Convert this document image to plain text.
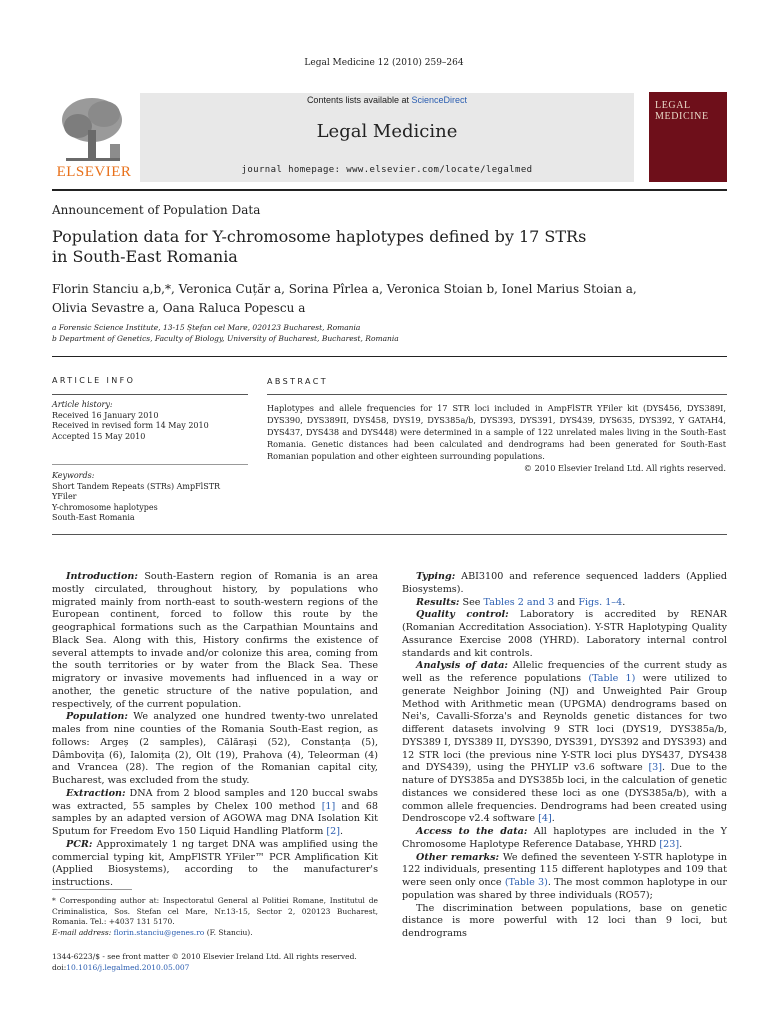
Legal Medicine 12 (2010) 259–264
ELSEVIER
Contents lists available at ScienceDirect
Legal Medicine
journal homepage: www.elsevier.com/locate/legalmed
LEGAL
MEDICINE
Announcement of Population Data
Population data for Y-chromosome haplotypes defined by 17 STRs
in South-East Romania
Florin Stanciu a,b,*, Veronica Cuțăr a, Sorina Pîrlea a, Veronica Stoian b, Ionel Marius Stoian a,
Olivia Sevastre a, Oana Raluca Popescu a
a Forensic Science Institute, 13-15 Ștefan cel Mare, 020123 Bucharest, Romania
b Department of Genetics, Faculty of Biology, University of Bucharest, Bucharest, Romania
ARTICLE INFO
Article history:
Received 16 January 2010
Received in revised form 14 May 2010
Accepted 15 May 2010
Keywords:
Short Tandem Repeats (STRs) AmpFlSTR
YFiler
Y-chromosome haplotypes
South-East Romania
ABSTRACT
Haplotypes and allele frequencies for 17 STR loci included in AmpFlSTR YFiler kit (DYS456, DYS389I, DYS390, DYS389II, DYS458, DYS19, DYS385a/b, DYS393, DYS391, DYS439, DYS635, DYS392, Y GATAH4, DYS437, DYS438 and DYS448) were determined in a sample of 122 unrelated males living in the South-East Romania. Genetic distances had been calculated and dendrograms had been generated for South-East Romanian population and other eighteen surrounding populations.
© 2010 Elsevier Ireland Ltd. All rights reserved.

Introduction: South-Eastern region of Romania is an area mostly circulated, throughout history, by populations who migrated mainly from north-east to south-western regions of the European continent, forced to follow this route by the geographical formations such as the Carpathian Mountains and Black Sea. Along with this, History confirms the existence of several attempts to invade and/or colonize this area, coming from the south territories or by water from the Black Sea. These migratory or invasive movements had influenced in a way or another, the genetic structure of the native population, and respectively, of the current population.

Population: We analyzed one hundred twenty-two unrelated males from nine counties of the Romania South-East region, as follows: Argeș (2 samples), Călărași (52), Constanța (5), Dâmbovița (6), Ialomița (2), Olt (19), Prahova (4), Teleorman (4) and Vrancea (28). The region of the Romanian capital city, Bucharest, was excluded from the study.

Extraction: DNA from 2 blood samples and 120 buccal swabs was extracted, 55 samples by Chelex 100 method [1] and 68 samples by an adapted version of AGOWA mag DNA Isolation Kit Sputum for Freedom Evo 150 Liquid Handling Platform [2].

PCR: Approximately 1 ng target DNA was amplified using the commercial typing kit, AmpFlSTR YFiler™ PCR Amplification Kit (Applied Biosystems), according to the manufacturer's instructions.

* Corresponding author at: Inspectoratul General al Politiei Romane, Institutul de Criminalistica, Sos. Stefan cel Mare, Nr.13-15, Sector 2, 020123 Bucharest, Romania. Tel.: +4037 131 5170.
E-mail address: florin.stanciu@genes.ro (F. Stanciu).
1344-6223/$ - see front matter © 2010 Elsevier Ireland Ltd. All rights reserved.
doi:10.1016/j.legalmed.2010.05.007

Typing: ABI3100 and reference sequenced ladders (Applied Biosystems).

Results: See Tables 2 and 3 and Figs. 1–4.

Quality control: Laboratory is accredited by RENAR (Romanian Accreditation Association). Y-STR Haplotyping Quality Assurance Exercise 2008 (YHRD). Laboratory internal control standards and kit controls.

Analysis of data: Allelic frequencies of the current study as well as the reference populations (Table 1) were utilized to generate Neighbor Joining (NJ) and Unweighted Pair Group Method with Arithmetic mean (UPGMA) dendrograms based on Nei's, Cavalli-Sforza's and Reynolds genetic distances for two different datasets involving 9 STR loci (DYS19, DYS385a/b, DYS389 I, DYS389 II, DYS390, DYS391, DYS392 and DYS393) and 12 STR loci (the previous nine Y-STR loci plus DYS437, DYS438 and DYS439), using the PHYLIP v3.6 software [3]. Due to the nature of DYS385a and DYS385b loci, in the calculation of genetic distances we considered these loci as one (DYS385a/b), with a common allele frequencies. Dendrograms had been created using Dendroscope v2.4 software [4].

Access to the data: All haplotypes are included in the Y Chromosome Haplotype Reference Database, YHRD [23].

Other remarks: We defined the seventeen Y-STR haplotype in 122 individuals, presenting 115 different haplotypes and 109 that were seen only once (Table 3). The most common haplotype in our population was shared by three individuals (RO57);

The discrimination between populations, base on genetic distance is more powerful with 12 loci than 9 loci, but dendrograms
